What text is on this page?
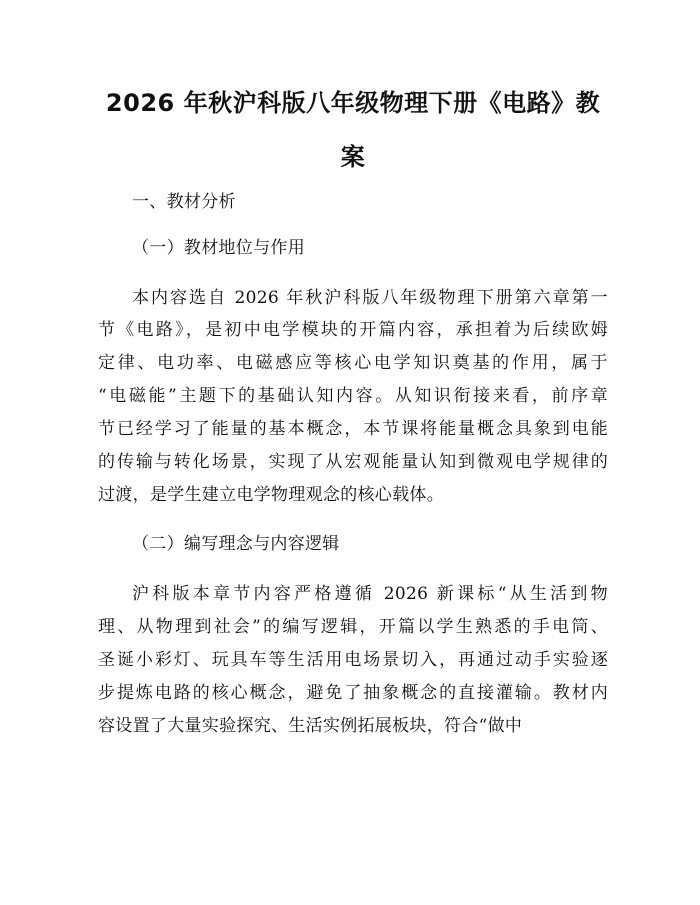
2026 年秋沪科版八年级物理下册《电路》教
案
一、教材分析
（一）教材地位与作用
本内容选自 2026 年秋沪科版八年级物理下册第六章第一
节《电路》，是初中电学模块的开篇内容，承担着为后续欧姆
定律、电功率、电磁感应等核心电学知识奠基的作用，属于
“电磁能”主题下的基础认知内容。从知识衔接来看，前序章
节已经学习了能量的基本概念，本节课将能量概念具象到电能
的传输与转化场景，实现了从宏观能量认知到微观电学规律的
过渡，是学生建立电学物理观念的核心载体。
（二）编写理念与内容逻辑
沪科版本章节内容严格遵循 2026 新课标“从生活到物
理、从物理到社会”的编写逻辑，开篇以学生熟悉的手电筒、
圣诞小彩灯、玩具车等生活用电场景切入，再通过动手实验逐
步提炼电路的核心概念，避免了抽象概念的直接灌输。教材内
容设置了大量实验探究、生活实例拓展板块，符合“做中
